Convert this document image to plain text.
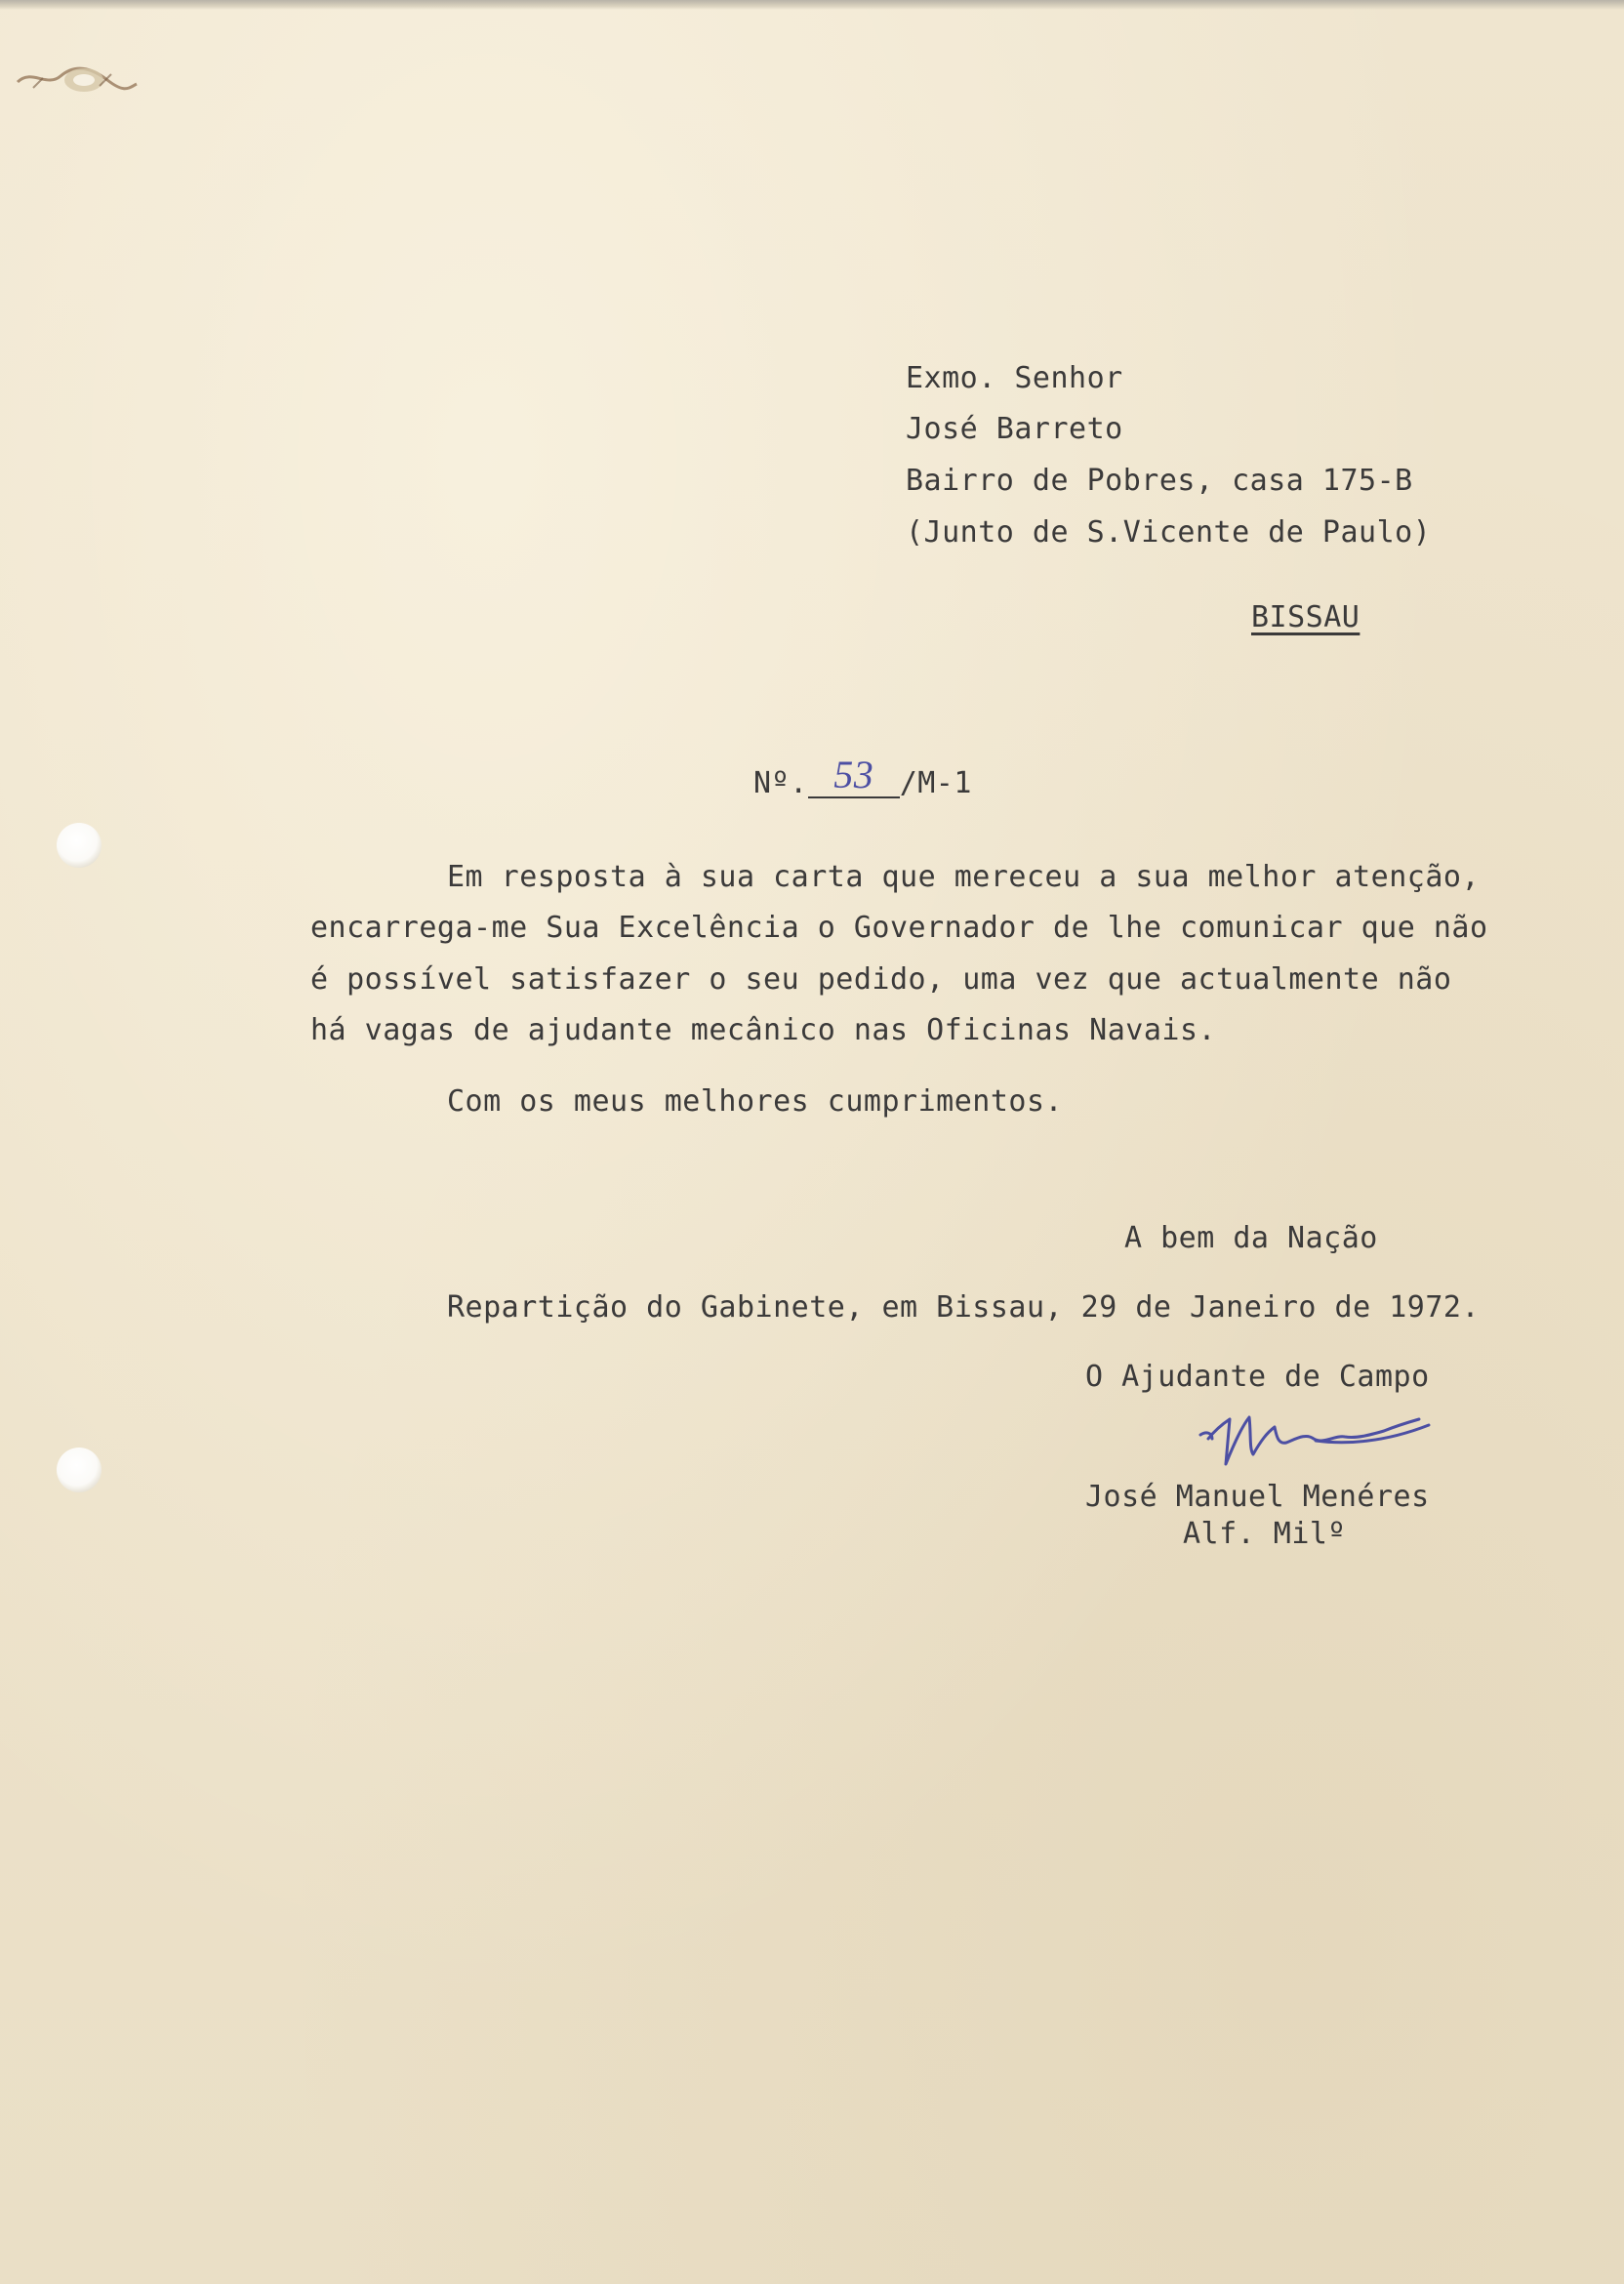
Exmo. Senhor
José Barreto
Bairro de Pobres, casa 175-B
(Junto de S.Vicente de Paulo)
BISSAU
Nº. 53 /M-1
Em resposta à sua carta que mereceu a sua melhor atenção,
encarrega-me Sua Excelência o Governador de lhe comunicar que não
é possível satisfazer o seu pedido, uma vez que actualmente não
há vagas de ajudante mecânico nas Oficinas Navais.
Com os meus melhores cumprimentos.
A bem da Nação
Repartição do Gabinete, em Bissau, 29 de Janeiro de 1972.
O Ajudante de Campo
José Manuel Menéres
Alf. Milº
